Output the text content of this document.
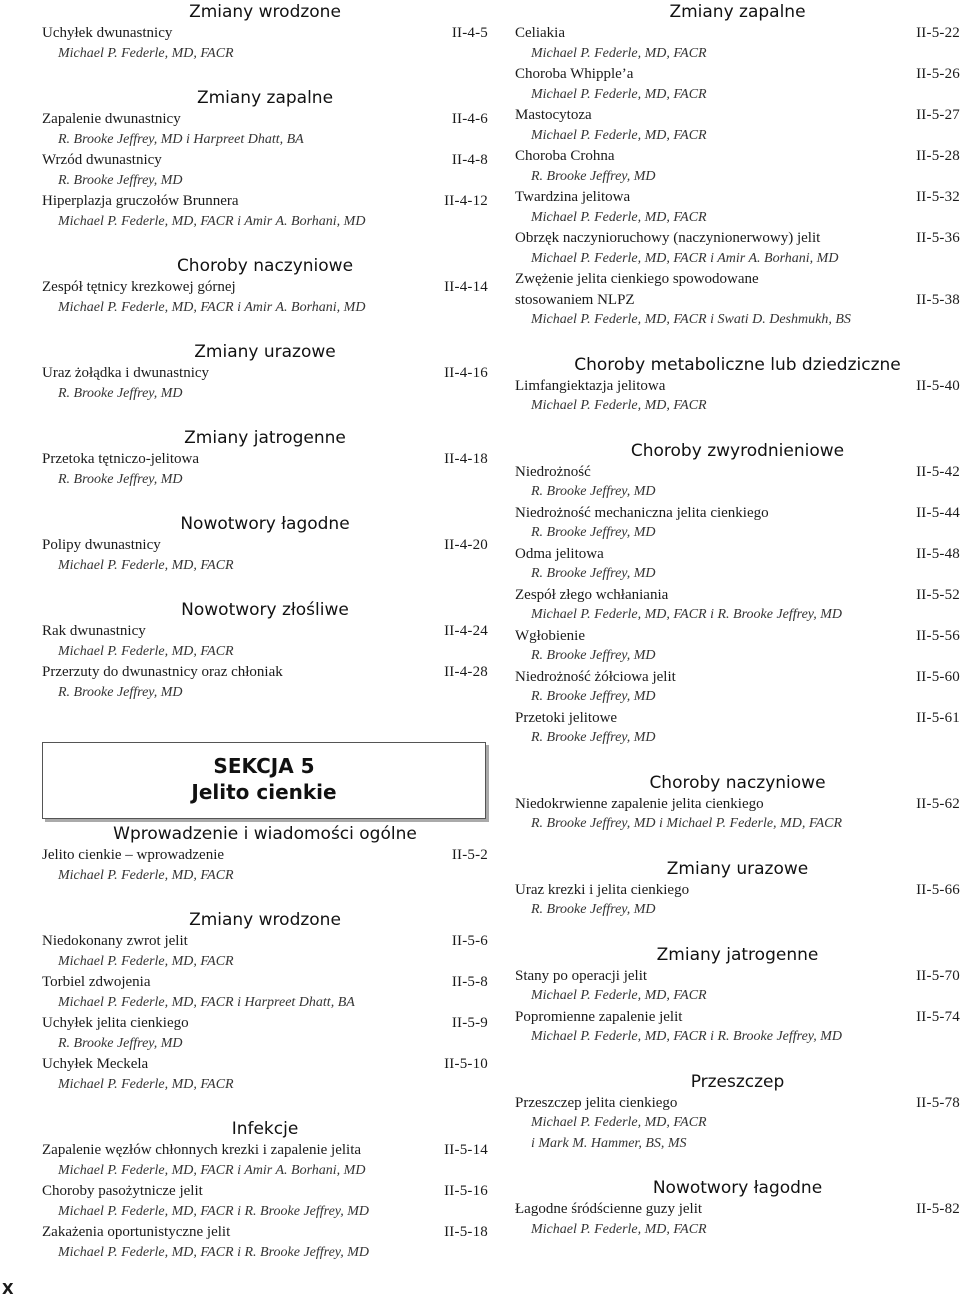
Zmiany wrodzone
Uchyłek dwunastnicy	II-4-5
Michael P. Federle, MD, FACR
Zmiany zapalne
Zapalenie dwunastnicy	II-4-6
R. Brooke Jeffrey, MD i Harpreet Dhatt, BA
Wrzód dwunastnicy	II-4-8
R. Brooke Jeffrey, MD
Hiperplazja gruczołów Brunnera	II-4-12
Michael P. Federle, MD, FACR i Amir A. Borhani, MD
Choroby naczyniowe
Zespół tętnicy krezkowej górnej	II-4-14
Michael P. Federle, MD, FACR i Amir A. Borhani, MD
Zmiany urazowe
Uraz żołądka i dwunastnicy	II-4-16
R. Brooke Jeffrey, MD
Zmiany jatrogenne
Przetoka tętniczo-jelitowa	II-4-18
R. Brooke Jeffrey, MD
Nowotwory łagodne
Polipy dwunastnicy	II-4-20
Michael P. Federle, MD, FACR
Nowotwory złośliwe
Rak dwunastnicy	II-4-24
Michael P. Federle, MD, FACR
Przerzuty do dwunastnicy oraz chłoniak	II-4-28
R. Brooke Jeffrey, MD
SEKCJA 5
Jelito cienkie
Wprowadzenie i wiadomości ogólne
Jelito cienkie – wprowadzenie	II-5-2
Michael P. Federle, MD, FACR
Zmiany wrodzone
Niedokonany zwrot jelit	II-5-6
Michael P. Federle, MD, FACR
Torbiel zdwojenia	II-5-8
Michael P. Federle, MD, FACR i Harpreet Dhatt, BA
Uchyłek jelita cienkiego	II-5-9
R. Brooke Jeffrey, MD
Uchyłek Meckela	II-5-10
Michael P. Federle, MD, FACR
Infekcje
Zapalenie węzłów chłonnych krezki i zapalenie jelita	II-5-14
Michael P. Federle, MD, FACR i Amir A. Borhani, MD
Choroby pasożytnicze jelit	II-5-16
Michael P. Federle, MD, FACR i R. Brooke Jeffrey, MD
Zakażenia oportunistyczne jelit	II-5-18
Michael P. Federle, MD, FACR i R. Brooke Jeffrey, MD
Zmiany zapalne
Celiakia	II-5-22
Michael P. Federle, MD, FACR
Choroba Whipple’a	II-5-26
Michael P. Federle, MD, FACR
Mastocytoza	II-5-27
Michael P. Federle, MD, FACR
Choroba Crohna	II-5-28
R. Brooke Jeffrey, MD
Twardzina jelitowa	II-5-32
Michael P. Federle, MD, FACR
Obrzęk naczynioruchowy (naczynionerwowy) jelit	II-5-36
Michael P. Federle, MD, FACR i Amir A. Borhani, MD
Zwężenie jelita cienkiego spowodowane
stosowaniem NLPZ	II-5-38
Michael P. Federle, MD, FACR i Swati D. Deshmukh, BS
Choroby metaboliczne lub dziedziczne
Limfangiektazja jelitowa	II-5-40
Michael P. Federle, MD, FACR
Choroby zwyrodnieniowe
Niedrożność	II-5-42
R. Brooke Jeffrey, MD
Niedrożność mechaniczna jelita cienkiego	II-5-44
R. Brooke Jeffrey, MD
Odma jelitowa	II-5-48
R. Brooke Jeffrey, MD
Zespół złego wchłaniania	II-5-52
Michael P. Federle, MD, FACR i R. Brooke Jeffrey, MD
Wgłobienie	II-5-56
R. Brooke Jeffrey, MD
Niedrożność żółciowa jelit	II-5-60
R. Brooke Jeffrey, MD
Przetoki jelitowe	II-5-61
R. Brooke Jeffrey, MD
Choroby naczyniowe
Niedokrwienne zapalenie jelita cienkiego	II-5-62
R. Brooke Jeffrey, MD i Michael P. Federle, MD, FACR
Zmiany urazowe
Uraz krezki i jelita cienkiego	II-5-66
R. Brooke Jeffrey, MD
Zmiany jatrogenne
Stany po operacji jelit	II-5-70
Michael P. Federle, MD, FACR
Popromienne zapalenie jelit	II-5-74
Michael P. Federle, MD, FACR i R. Brooke Jeffrey, MD
Przeszczep
Przeszczep jelita cienkiego	II-5-78
Michael P. Federle, MD, FACR
i Mark M. Hammer, BS, MS
Nowotwory łagodne
Łagodne śródścienne guzy jelit	II-5-82
Michael P. Federle, MD, FACR
X
